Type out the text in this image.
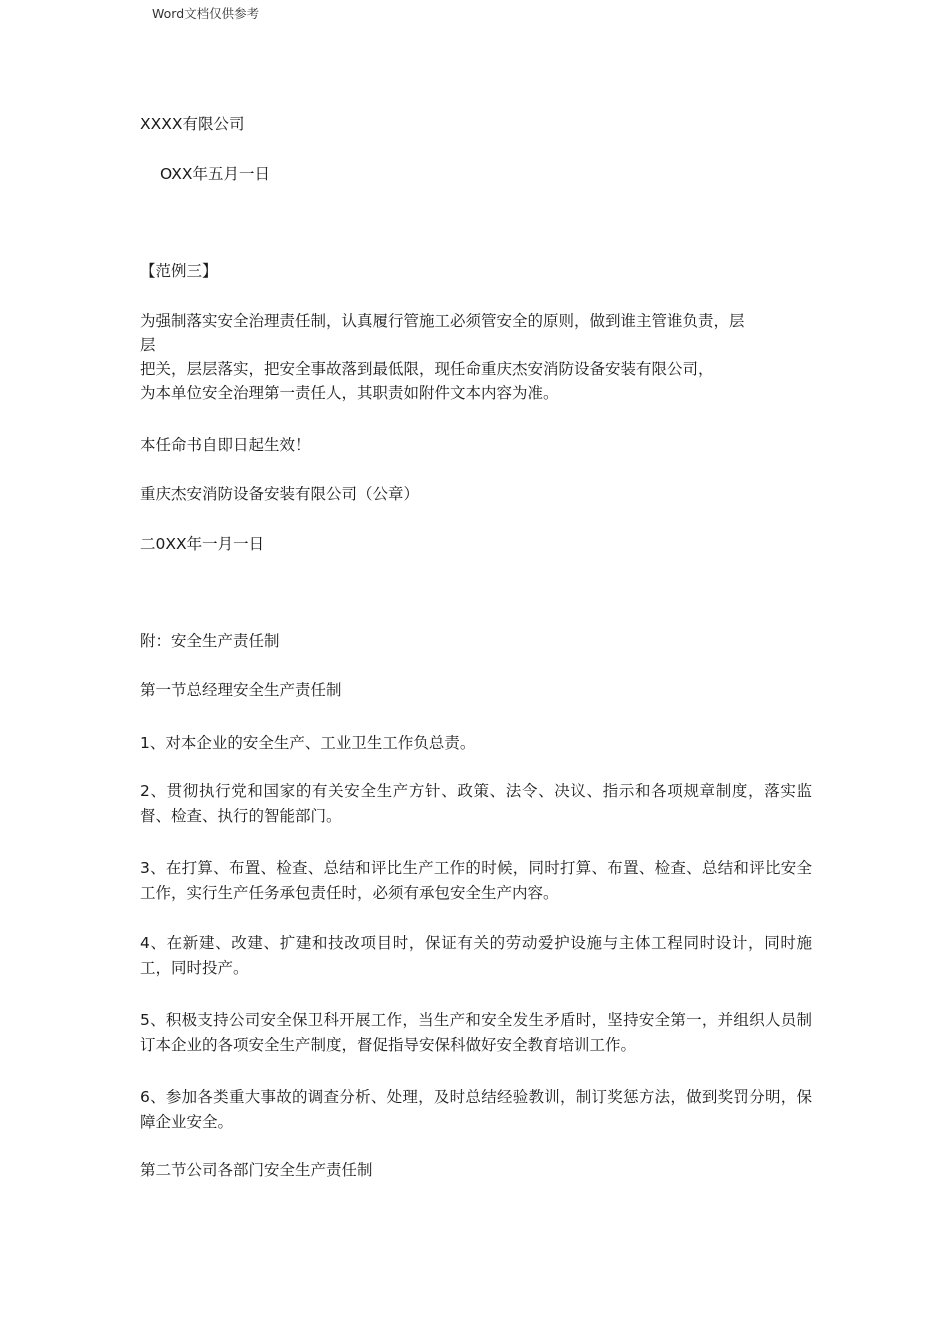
Word文档仅供参考
XXXX有限公司
OXX年五月一日
【范例三】
为强制落实安全治理责任制，认真履行管施工必须管安全的原则，做到谁主管谁负责，层
层
把关，层层落实，把安全事故落到最低限，现任命重庆杰安消防设备安装有限公司，
为本单位安全治理第一责任人，其职责如附件文本内容为准。
本任命书自即日起生效！
重庆杰安消防设备安装有限公司（公章）
二0XX年一月一日
附：安全生产责任制
第一节总经理安全生产责任制
1、对本企业的安全生产、工业卫生工作负总责。
2、贯彻执行党和国家的有关安全生产方针、政策、法令、决议、指示和各项规章制度，落实监督、检查、执行的智能部门。
3、在打算、布置、检查、总结和评比生产工作的时候，同时打算、布置、检查、总结和评比安全工作，实行生产任务承包责任时，必须有承包安全生产内容。
4、在新建、改建、扩建和技改项目时，保证有关的劳动爱护设施与主体工程同时设计，同时施工，同时投产。
5、积极支持公司安全保卫科开展工作，当生产和安全发生矛盾时，坚持安全第一，并组织人员制订本企业的各项安全生产制度，督促指导安保科做好安全教育培训工作。
6、参加各类重大事故的调查分析、处理，及时总结经验教训，制订奖惩方法，做到奖罚分明，保障企业安全。
第二节公司各部门安全生产责任制
